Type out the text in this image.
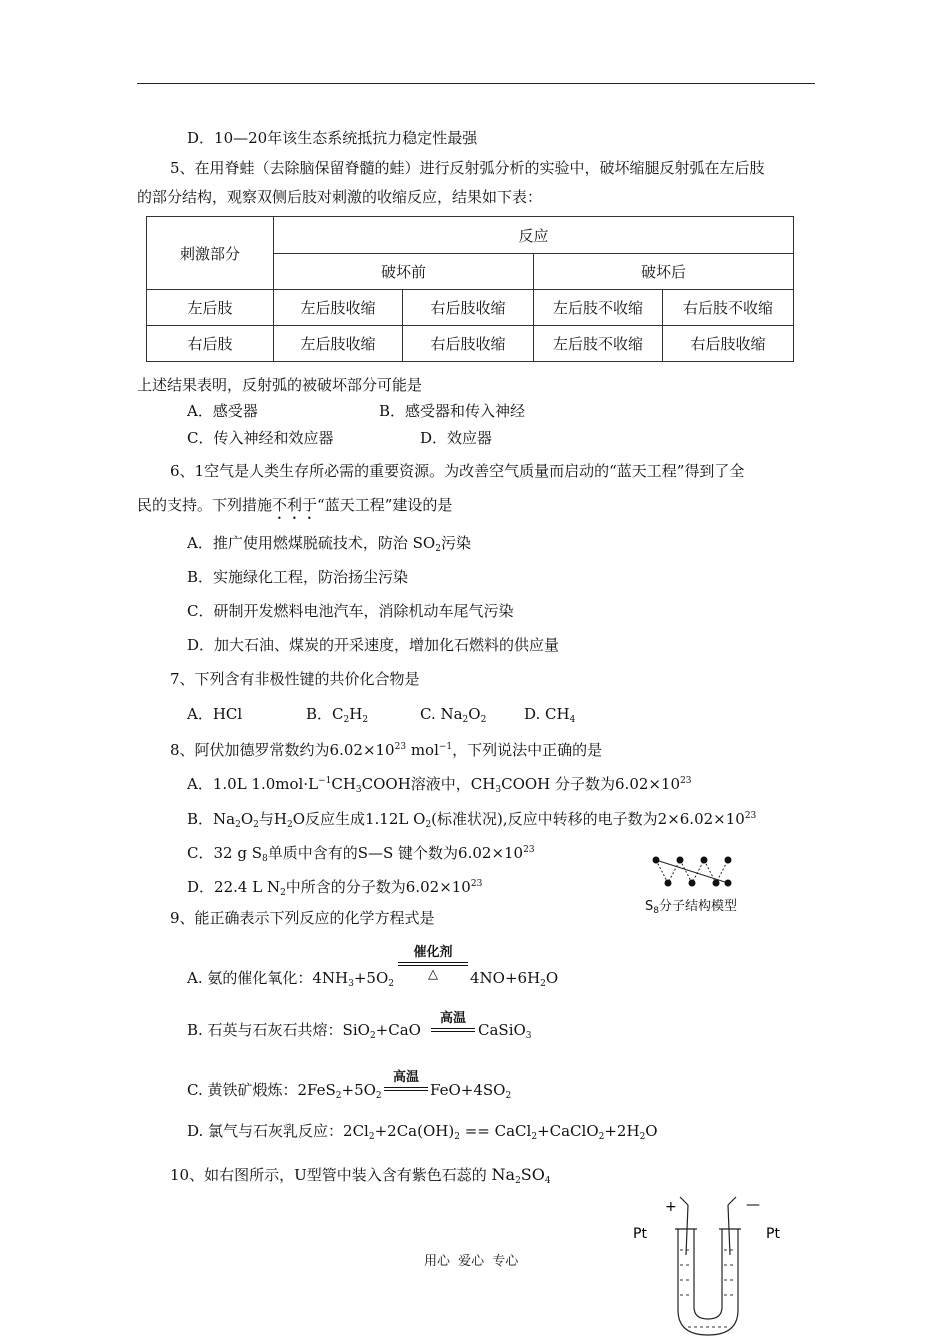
D．10—20年该生态系统抵抗力稳定性最强
5、在用脊蛙（去除脑保留脊髓的蛙）进行反射弧分析的实验中，破坏缩腿反射弧在左后肢
的部分结构，观察双侧后肢对刺激的收缩反应，结果如下表：
刺激部分	反应			
	破坏前		破坏后	
左后肢	左后肢收缩	右后肢收缩	左后肢不收缩	右后肢不收缩
右后肢	左后肢收缩	右后肢收缩	左后肢不收缩	右后肢收缩
上述结果表明，反射弧的被破坏部分可能是
A．感受器	B．感受器和传入神经
C．传入神经和效应器	D．效应器
6、1空气是人类生存所必需的重要资源。为改善空气质量而启动的“蓝天工程”得到了全
民的支持。下列措施不利于“蓝天工程”建设的是
A．推广使用燃煤脱硫技术，防治 $SO_2$污染
B．实施绿化工程，防治扬尘污染
C．研制开发燃料电池汽车，消除机动车尾气污染
D．加大石油、煤炭的开采速度，增加化石燃料的供应量
7、下列含有非极性键的共价化合物是
A．HCl	B．$C_2H_2$	C. $Na_2O_2$	D. $CH_4$
8、阿伏加德罗常数约为$6.02\times 10^{23}$ mol$^{-1}$，下列说法中正确的是
A．1.0L $1.0mol\cdot L^{-1}CH_3COOH$溶液中，$CH_3COOH$ 分子数为$6.02\times 10^{23}$
B．$Na_2O_2$与$H_2O$反应生成1.12L $O_2$(标准状况),反应中转移的电子数为$2\times 6.02\times 10^{23}$
C．32 g $S_8$单质中含有的S—S 键个数为$6.02\times 10^{23}$
D．22.4 L $N_2$中所含的分子数为$6.02\times 10^{23}$
$S_8$分子结构模型
9、能正确表示下列反应的化学方程式是
A. 氨的催化氧化：$4NH_3+5O_2$
催化剂
△	$4NO+6H_2O$
B. 石英与石灰石共熔：SiO$_2$+CaO
高温
CaSiO$_3$
C. 黄铁矿煅炼：$2FeS_2+5O_2$
高温
$FeO+4SO_2$
D. 氯气与石灰乳反应：$2Cl_2+2Ca(OH)_2$ == $CaCl_2+CaClO_2+2H_2O$
10、如右图所示，U型管中装入含有紫色石蕊的 $Na_2SO_4$
+	—
Pt	Pt
用心 爱心 专心
